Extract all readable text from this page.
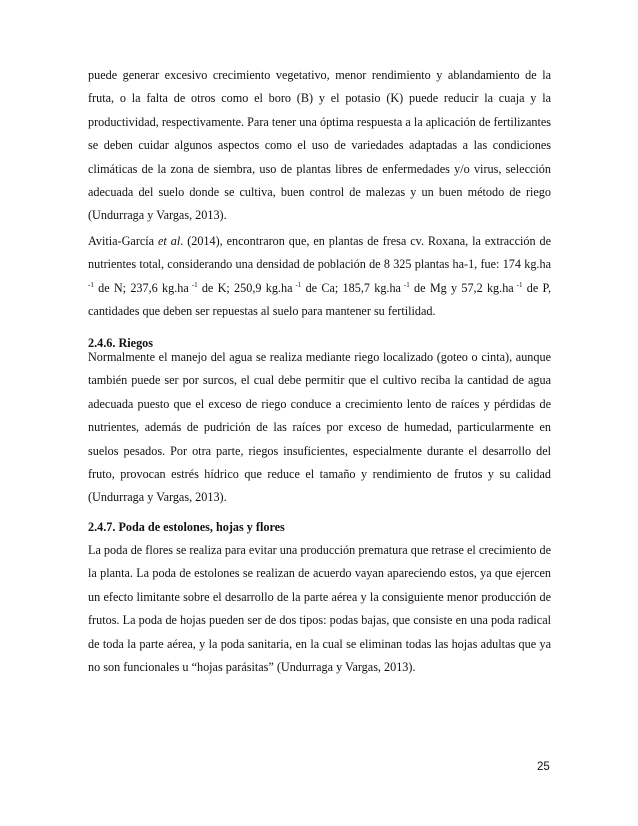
puede generar excesivo crecimiento vegetativo, menor rendimiento y ablandamiento de la fruta, o la falta de otros como el boro (B) y el potasio (K) puede reducir la cuaja y la productividad, respectivamente. Para tener una óptima respuesta a la aplicación de fertilizantes se deben cuidar algunos aspectos como el uso de variedades adaptadas a las condiciones climáticas de la zona de siembra, uso de plantas libres de enfermedades y/o virus, selección adecuada del suelo donde se cultiva, buen control de malezas y un buen método de riego (Undurraga y Vargas, 2013).

Avitia-García et al. (2014), encontraron que, en plantas de fresa cv. Roxana, la extracción de nutrientes total, considerando una densidad de población de 8 325 plantas ha-1, fue: 174 kg.ha $^{-1}$ de N; 237,6 kg.ha $^{-1}$ de K; 250,9 kg.ha $^{-1}$ de Ca; 185,7 kg.ha $^{-1}$ de Mg y 57,2 kg.ha $^{-1}$ de P, cantidades que deben ser repuestas al suelo para mantener su fertilidad.

2.4.6. Riegos

Normalmente el manejo del agua se realiza mediante riego localizado (goteo o cinta), aunque también puede ser por surcos, el cual debe permitir que el cultivo reciba la cantidad de agua adecuada puesto que el exceso de riego conduce a crecimiento lento de raíces y pérdidas de nutrientes, además de pudrición de las raíces por exceso de humedad, particularmente en suelos pesados. Por otra parte, riegos insuficientes, especialmente durante el desarrollo del fruto, provocan estrés hídrico que reduce el tamaño y rendimiento de frutos y su calidad (Undurraga y Vargas, 2013).

2.4.7. Poda de estolones, hojas y flores

La poda de flores se realiza para evitar una producción prematura que retrase el crecimiento de la planta. La poda de estolones se realizan de acuerdo vayan apareciendo estos, ya que ejercen un efecto limitante sobre el desarrollo de la parte aérea y la consiguiente menor producción de frutos. La poda de hojas pueden ser de dos tipos: podas bajas, que consiste en una poda radical de toda la parte aérea, y la poda sanitaria, en la cual se eliminan todas las hojas adultas que ya no son funcionales u “hojas parásitas” (Undurraga y Vargas, 2013).

25
